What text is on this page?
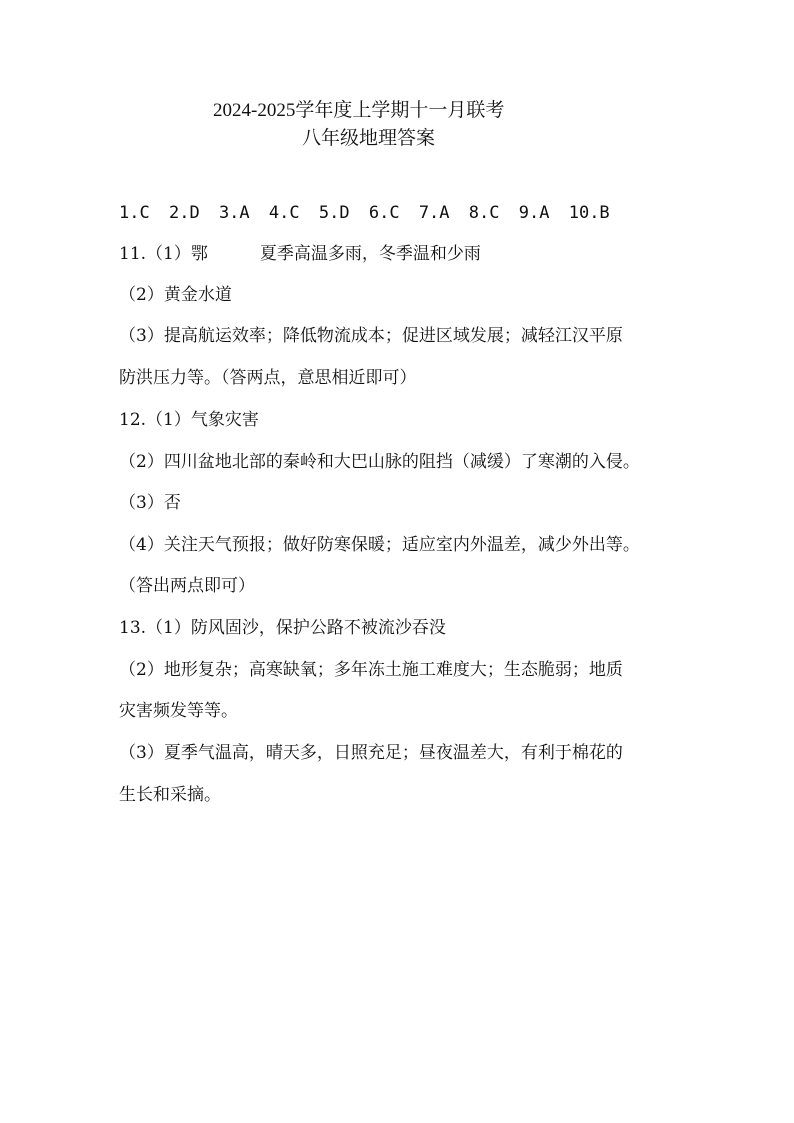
2024-2025学年度上学期十一月联考
八年级地理答案
1.C 2.D 3.A 4.C 5.D 6.C 7.A 8.C 9.A 10.B
11.（1）鄂	夏季高温多雨，冬季温和少雨
（2）黄金水道
（3）提高航运效率；降低物流成本；促进区域发展；减轻江汉平原
防洪压力等。（答两点，意思相近即可）
12.（1）气象灾害
（2）四川盆地北部的秦岭和大巴山脉的阻挡（减缓）了寒潮的入侵。
（3）否
（4）关注天气预报；做好防寒保暖；适应室内外温差，减少外出等。
（答出两点即可）
13.（1）防风固沙，保护公路不被流沙吞没
（2）地形复杂；高寒缺氧；多年冻土施工难度大；生态脆弱；地质
灾害频发等等。
（3）夏季气温高，晴天多，日照充足；昼夜温差大，有利于棉花的
生长和采摘。
